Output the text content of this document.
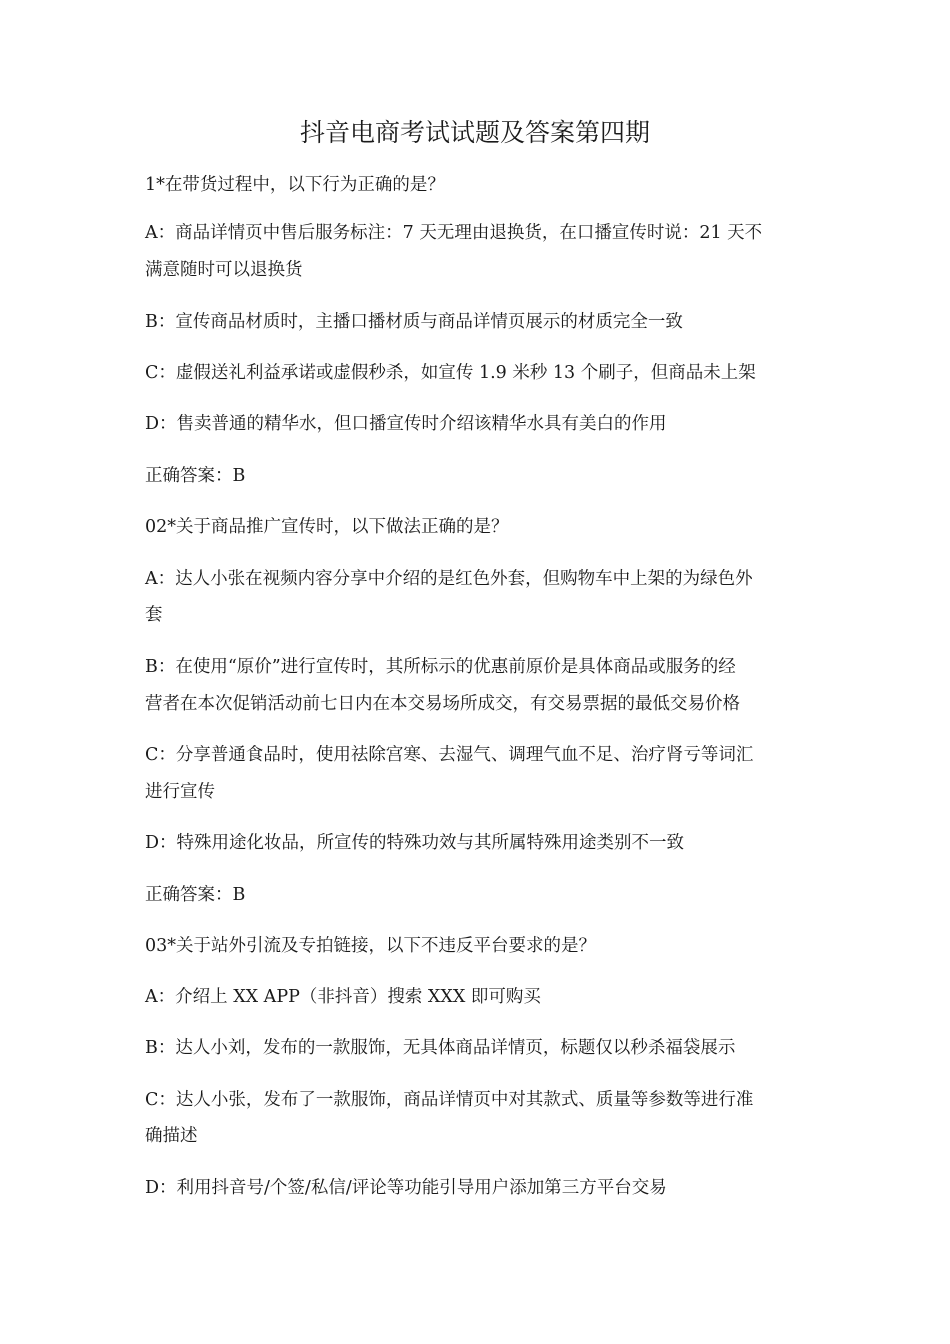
抖音电商考试试题及答案第四期
1*在带货过程中，以下行为正确的是？
A：商品详情页中售后服务标注：7 天无理由退换货，在口播宣传时说：21 天不
满意随时可以退换货
B：宣传商品材质时，主播口播材质与商品详情页展示的材质完全一致
C：虚假送礼利益承诺或虚假秒杀，如宣传 1.9 米秒 13 个刷子，但商品未上架
D：售卖普通的精华水，但口播宣传时介绍该精华水具有美白的作用
正确答案：B
02*关于商品推广宣传时，以下做法正确的是？
A：达人小张在视频内容分享中介绍的是红色外套，但购物车中上架的为绿色外
套
B：在使用“原价”进行宣传时，其所标示的优惠前原价是具体商品或服务的经
营者在本次促销活动前七日内在本交易场所成交，有交易票据的最低交易价格
C：分享普通食品时，使用祛除宫寒、去湿气、调理气血不足、治疗肾亏等词汇
进行宣传
D：特殊用途化妆品，所宣传的特殊功效与其所属特殊用途类别不一致
正确答案：B
03*关于站外引流及专拍链接，以下不违反平台要求的是？
A：介绍上 XX APP（非抖音）搜索 XXX 即可购买
B：达人小刘，发布的一款服饰，无具体商品详情页，标题仅以秒杀福袋展示
C：达人小张，发布了一款服饰，商品详情页中对其款式、质量等参数等进行准
确描述
D：利用抖音号/个签/私信/评论等功能引导用户添加第三方平台交易
